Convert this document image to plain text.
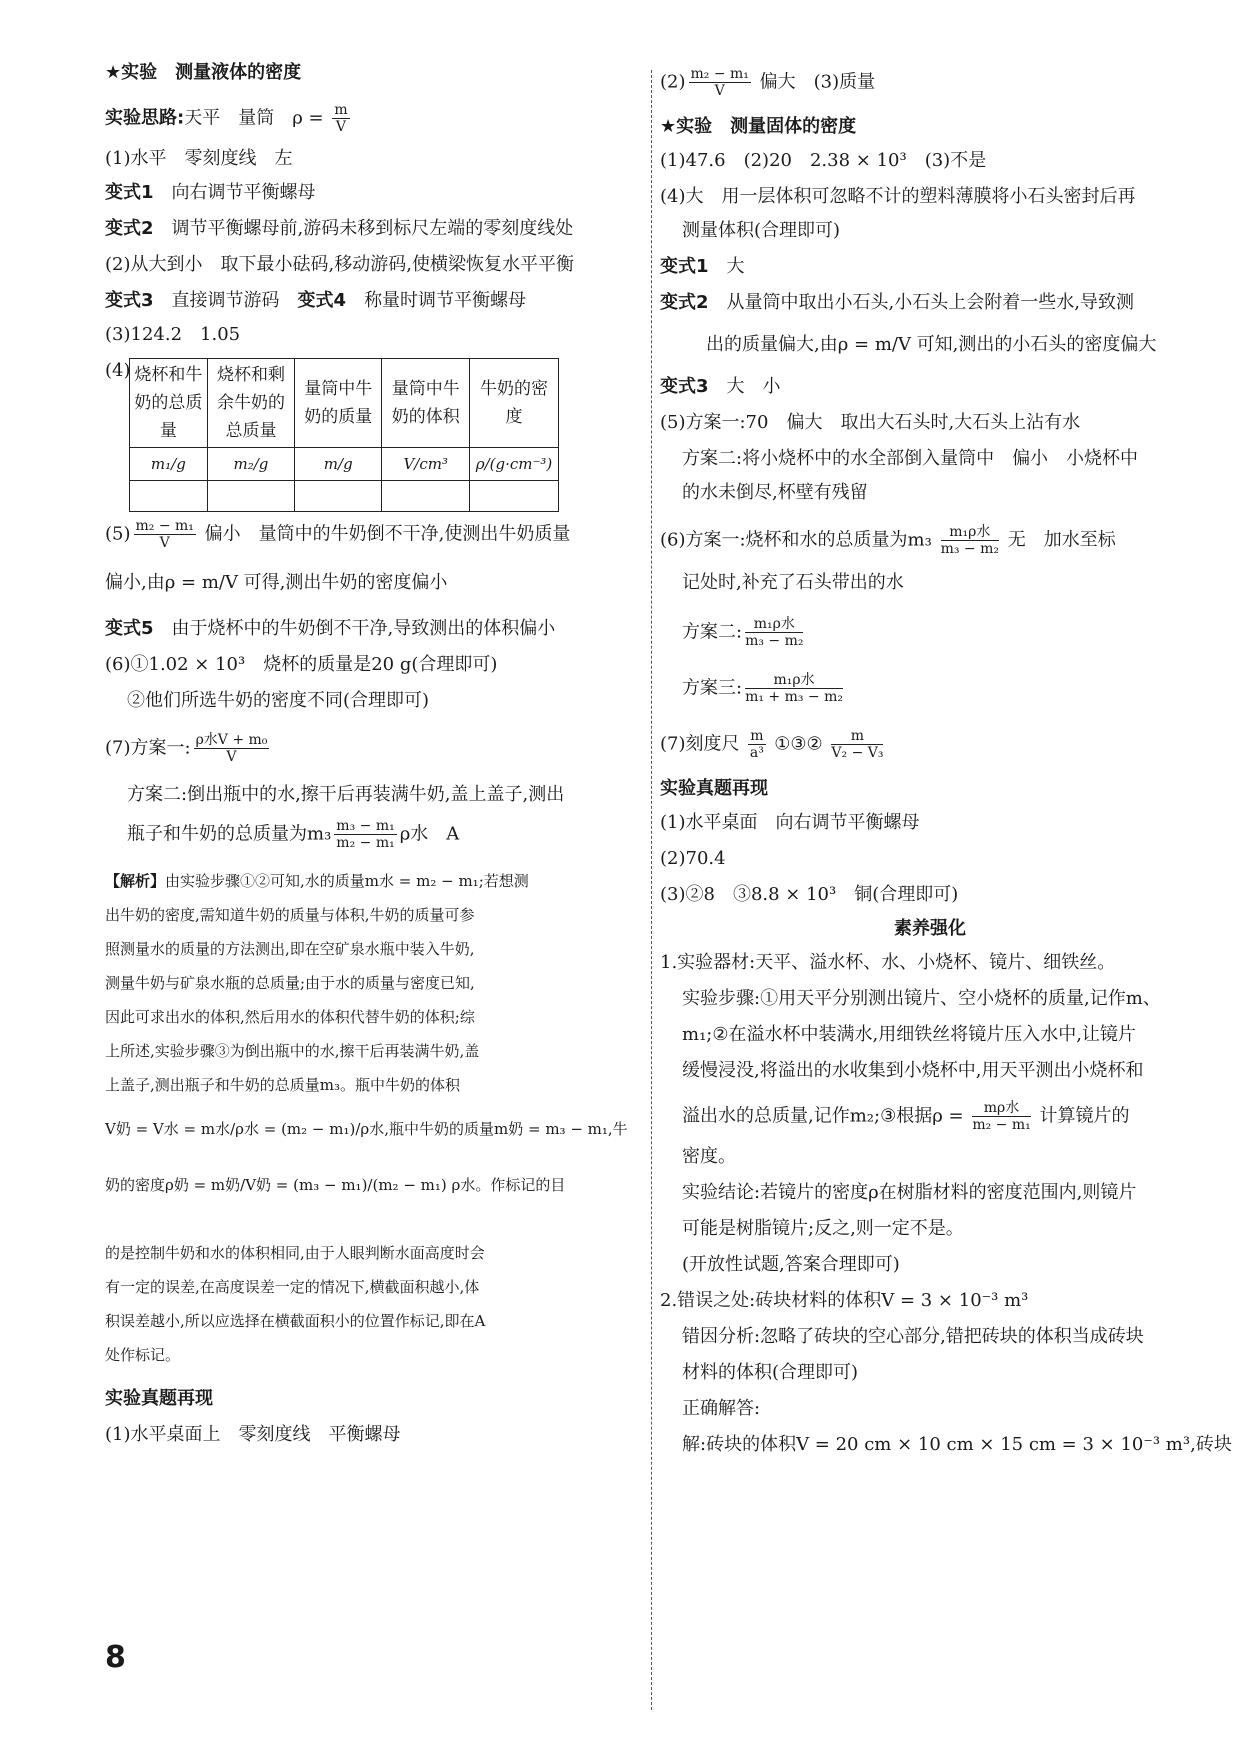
★实验　测量液体的密度
实验思路:天平　量筒　$\rho = \frac{m}{V}$
(1)水平　零刻度线　左
变式1　 向右调节平衡螺母
变式2　 调节平衡螺母前,游码未移到标尺左端的零刻度线处
(2)从大到小　取下最小砝码,移动游码,使横梁恢复水平平衡
变式3　 直接调节游码　 变式4　 称量时调节平衡螺母
(3)124.2　1.05
(4) 烧杯和牛奶的总质量	烧杯和剩余牛奶的总质量	量筒中牛奶的质量	量筒中牛奶的体积	牛奶的密度
m₁/g	m₂/g	m/g	V/cm³	ρ/(g·cm⁻³)

$(5) \frac{\text{m₂ − m₁}}{V}$ 偏小　量筒中的牛奶倒不干净,使测出牛奶质量
偏小,由ρ = m/V 可得,测出牛奶的密度偏小
变式5　 由于烧杯中的牛奶倒不干净,导致测出的体积偏小
(6)①1.02 × 10³　烧杯的质量是20 g(合理即可)
②他们所选牛奶的密度不同(合理即可)
(7)方案一: $\frac{\text{ρ水V + m₀}}{V}$
方案二:倒出瓶中的水,擦干后再装满牛奶,盖上盖子,测出
瓶子和牛奶的总质量为$m_3 \frac{\text{m₃ − m₁}}{\text{m₂ − m₁}}$ ρ水　 A
【解析】由实验步骤①②可知,水的质量m水 = m₂ − m₁;若想测
出牛奶的密度,需知道牛奶的质量与体积,牛奶的质量可参
照测量水的质量的方法测出,即在空矿泉水瓶中装入牛奶,
测量牛奶与矿泉水瓶的总质量;由于水的质量与密度已知,
因此可求出水的体积,然后用水的体积代替牛奶的体积;综
上所述,实验步骤③为倒出瓶中的水,擦干后再装满牛奶,盖
上盖子,测出瓶子和牛奶的总质量m₃。瓶中牛奶的体积
V奶 = V水 = m水/ρ水 = (m₂ − m₁)/ρ水,瓶中牛奶的质量m奶 = m₃ − m₁,牛
奶的密度ρ奶 = m奶/V奶 = (m₃ − m₁)/(m₂ − m₁) ρ水。作标记的目
的是控制牛奶和水的体积相同,由于人眼判断水面高度时会
有一定的误差,在高度误差一定的情况下,横截面积越小,体
积误差越小,所以应选择在横截面积小的位置作标记,即在A
处作标记。
实验真题再现
(1)水平桌面上　零刻度线　平衡螺母
$(2) \frac{\text{m₂ − m₁}}{V}$ 偏大　(3)质量
★实验　测量固体的密度
(1)47.6　(2)20　2.38 × 10³　(3)不是
(4)大　用一层体积可忽略不计的塑料薄膜将小石头密封后再
测量体积(合理即可)
变式1　 大
变式2　 从量筒中取出小石头,小石头上会附着一些水,导致测
出的质量偏大,由ρ = m/V 可知,测出的小石头的密度偏大
变式3　 大　小
(5)方案一:70　偏大　取出大石头时,大石头上沾有水
方案二:将小烧杯中的水全部倒入量筒中　偏小　小烧杯中
的水未倒尽,杯壁有残留
(6)方案一:烧杯和水的总质量为$m_3 \frac{\text{m₁ρ水}}{\text{m₃ − m₂}}$ 无　加水至标
记处时,补充了石头带出的水
方案二: $\frac{\text{m₁ρ水}}{\text{m₃ − m₂}}$
方案三: $\frac{\text{m₁ρ水}}{\text{m₁ + m₃ − m₂}}$
(7)刻度尺 $\frac{m}{\text{a³}}$ ①③② $\frac{m}{\text{V₂ − V₃}}$
实验真题再现
(1)水平桌面　向右调节平衡螺母
(2)70.4
(3)②8　③8.8 × 10³　铜(合理即可)
素养强化
1.实验器材:天平、溢水杯、水、小烧杯、镜片、细铁丝。
实验步骤:①用天平分别测出镜片、空小烧杯的质量,记作m、
m₁;②在溢水杯中装满水,用细铁丝将镜片压入水中,让镜片
缓慢浸没,将溢出的水收集到小烧杯中,用天平测出小烧杯和
溢出水的总质量,记作m₂;③根据$\rho = \frac{\text{mρ水}}{\text{m₂ − m₁}}$ 计算镜片的
密度。
实验结论:若镜片的密度ρ在树脂材料的密度范围内,则镜片
可能是树脂镜片;反之,则一定不是。
(开放性试题,答案合理即可)
2.错误之处:砖块材料的体积V = 3 × 10⁻³ m³
错因分析:忽略了砖块的空心部分,错把砖块的体积当成砖块
材料的体积(合理即可)
正确解答:
解:砖块的体积V = 20 cm × 10 cm × 15 cm = 3 × 10⁻³ m³,砖块
8
